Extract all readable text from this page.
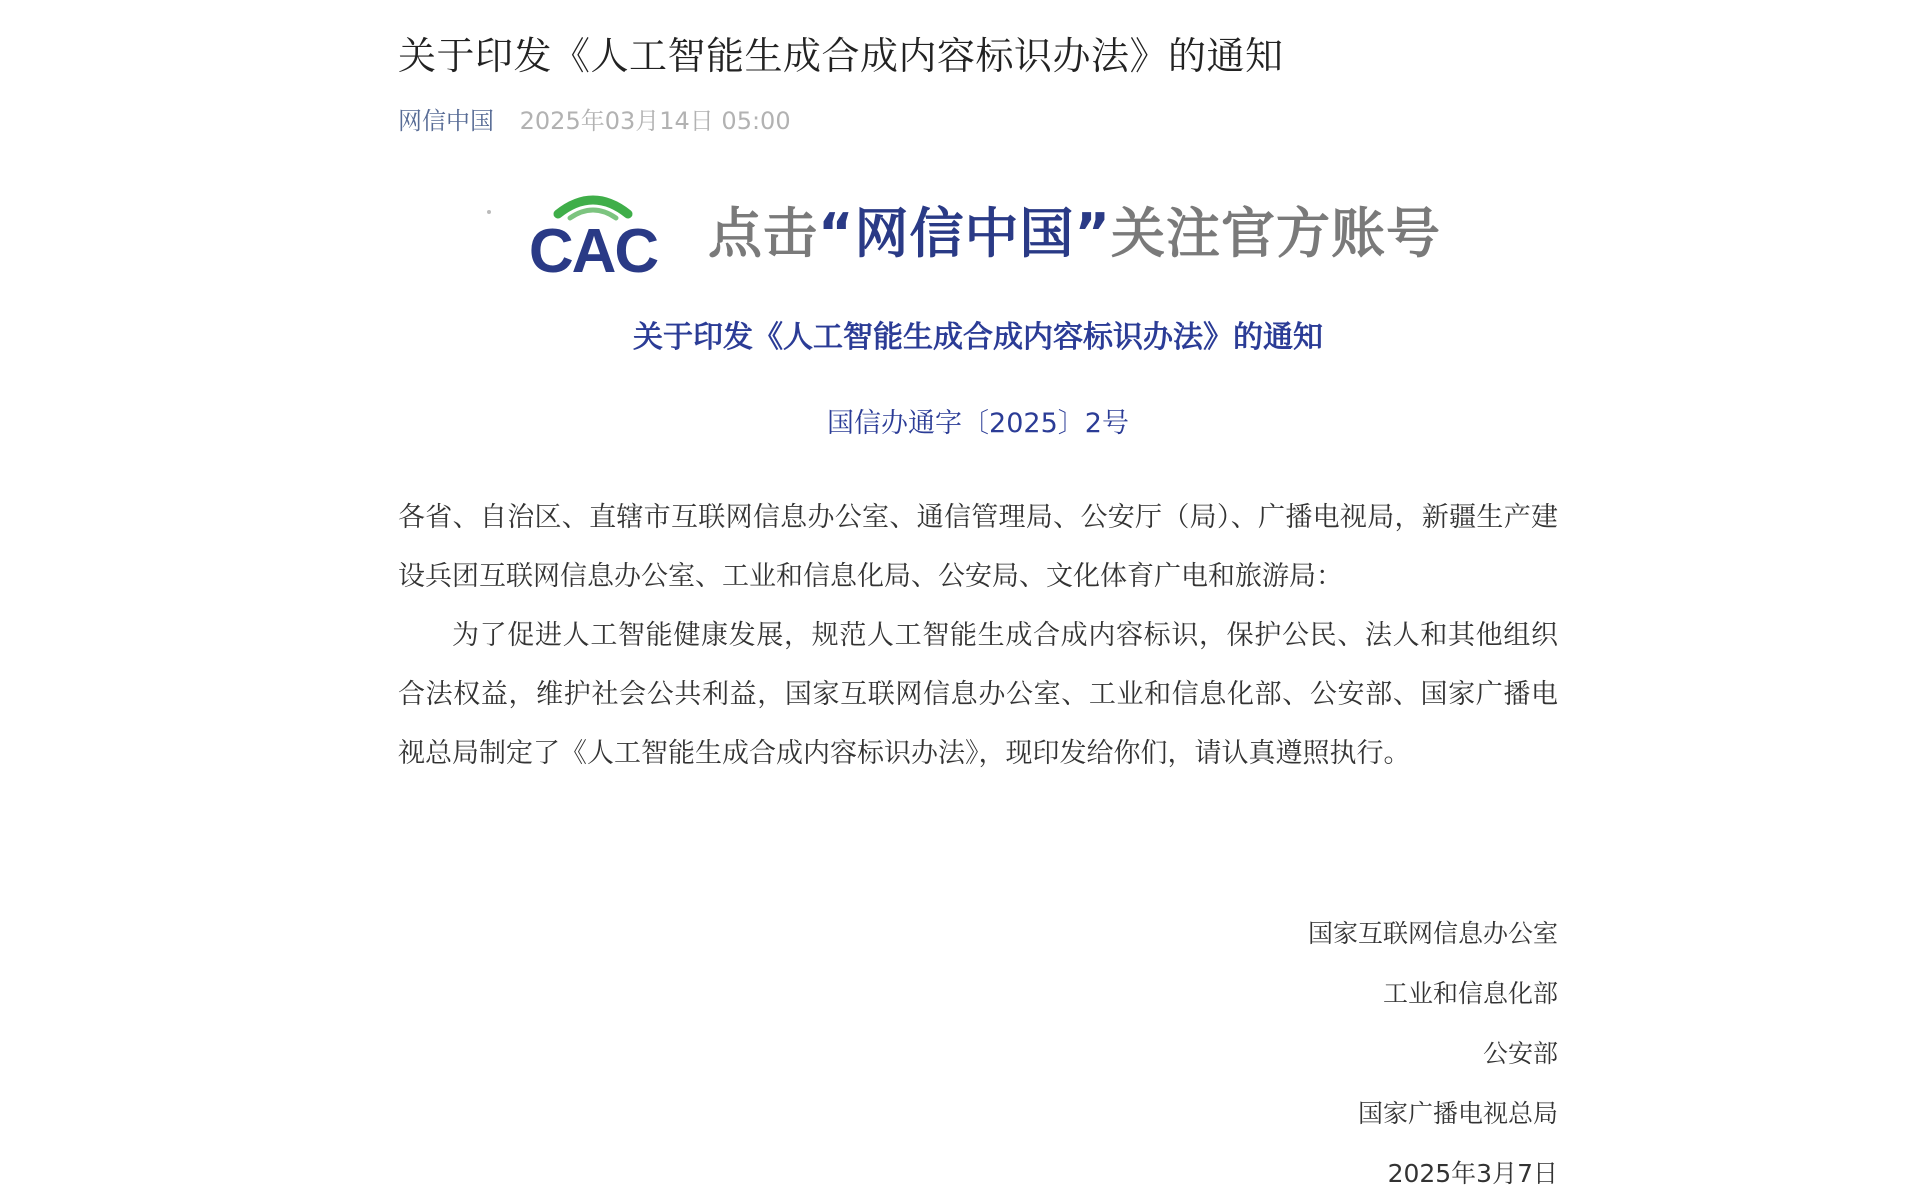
关于印发《人工智能生成合成内容标识办法》的通知
网信中国 2025年03月14日 05:00
CAC 点击“网信中国”关注官方账号
关于印发《人工智能生成合成内容标识办法》的通知
国信办通字〔2025〕2号

各省、自治区、直辖市互联网信息办公室、通信管理局、公安厅（局）、广播电视局，新疆生产建设兵团互联网信息办公室、工业和信息化局、公安局、文化体育广电和旅游局：

为了促进人工智能健康发展，规范人工智能生成合成内容标识，保护公民、法人和其他组织合法权益，维护社会公共利益，国家互联网信息办公室、工业和信息化部、公安部、国家广播电视总局制定了《人工智能生成合成内容标识办法》，现印发给你们，请认真遵照执行。

国家互联网信息办公室
工业和信息化部
公安部
国家广播电视总局
2025年3月7日
